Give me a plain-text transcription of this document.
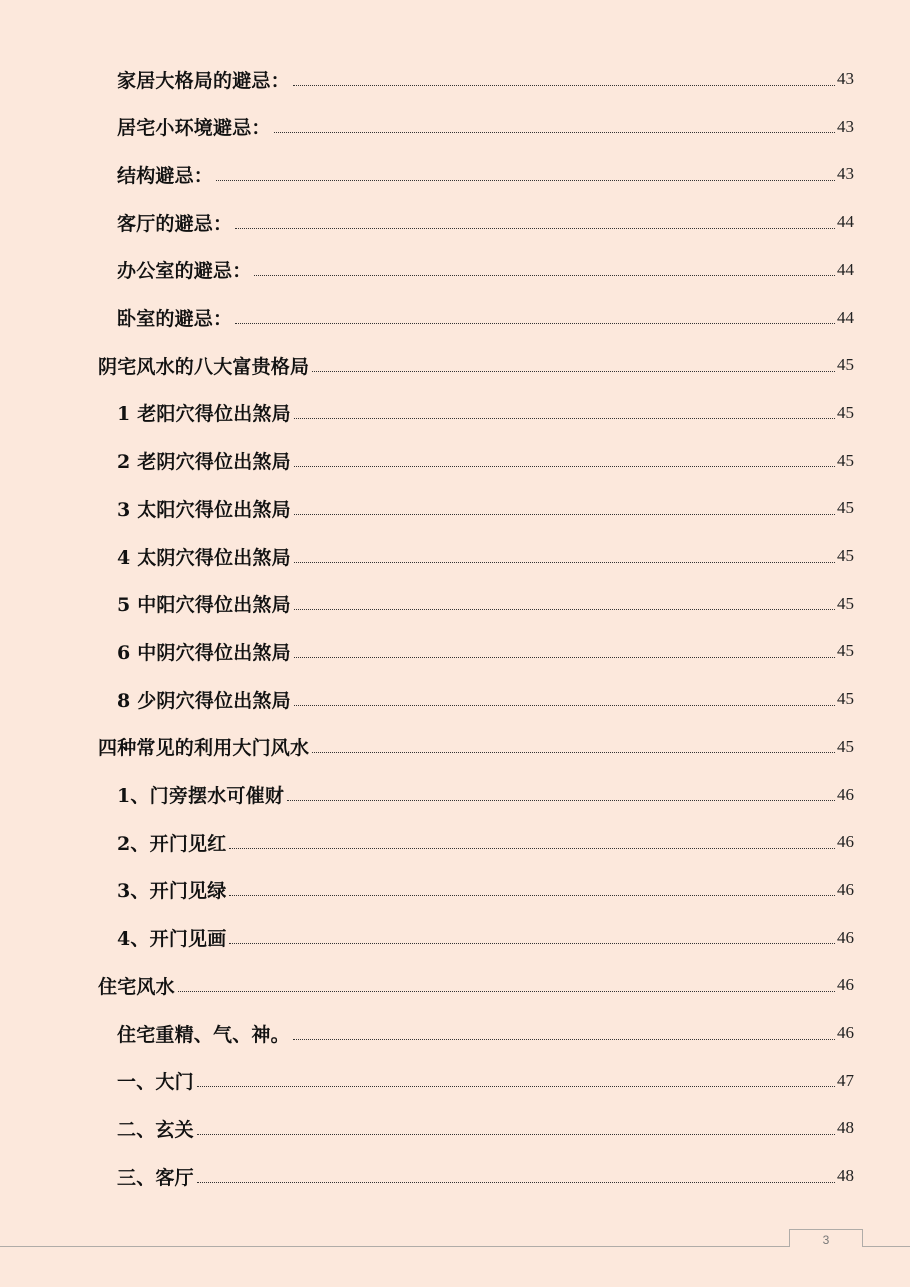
家居大格局的避忌：	43
居宅小环境避忌：	43
结构避忌：	43
客厅的避忌：	44
办公室的避忌：	44
卧室的避忌：	44
阴宅风水的八大富贵格局	45
1 老阳穴得位出煞局	45
2 老阴穴得位出煞局	45
3 太阳穴得位出煞局	45
4 太阴穴得位出煞局	45
5 中阳穴得位出煞局	45
6 中阴穴得位出煞局	45
8 少阴穴得位出煞局	45
四种常见的利用大门风水	45
1、门旁摆水可催财	46
2、开门见红	46
3、开门见绿	46
4、开门见画	46
住宅风水	46
住宅重精、气、神。	46
一、大门	47
二、玄关	48
三、客厅	48
3
